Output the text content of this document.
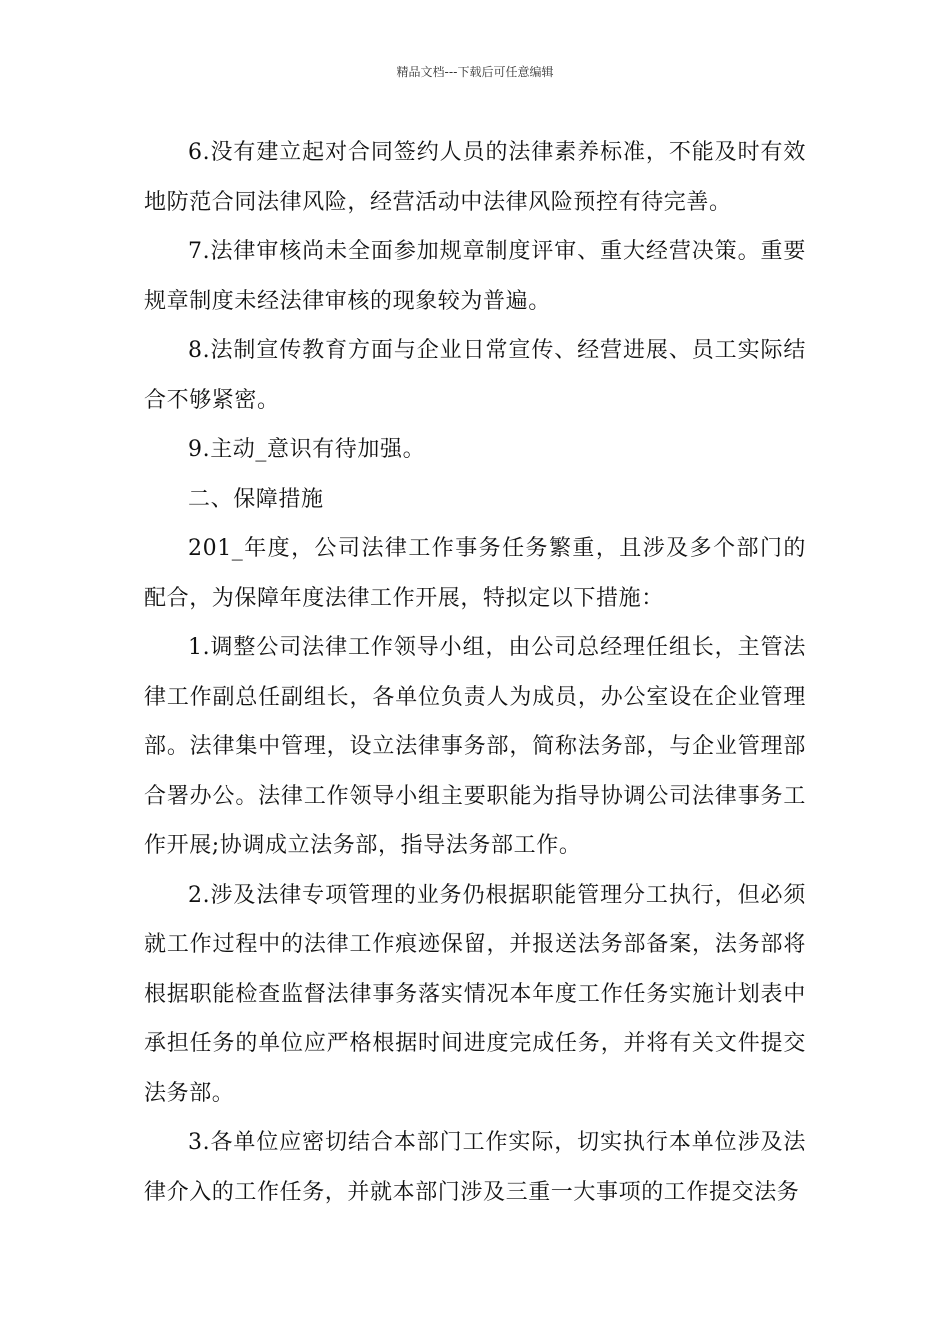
精品文档---下载后可任意编辑

6.没有建立起对合同签约人员的法律素养标准，不能及时有效地防范合同法律风险，经营活动中法律风险预控有待完善。

7.法律审核尚未全面参加规章制度评审、重大经营决策。重要规章制度未经法律审核的现象较为普遍。

8.法制宣传教育方面与企业日常宣传、经营进展、员工实际结合不够紧密。

9.主动_意识有待加强。

二、保障措施

201_年度，公司法律工作事务任务繁重，且涉及多个部门的配合，为保障年度法律工作开展，特拟定以下措施：

1.调整公司法律工作领导小组，由公司总经理任组长，主管法律工作副总任副组长，各单位负责人为成员，办公室设在企业管理部。法律集中管理，设立法律事务部，简称法务部，与企业管理部合署办公。法律工作领导小组主要职能为指导协调公司法律事务工作开展;协调成立法务部，指导法务部工作。

2.涉及法律专项管理的业务仍根据职能管理分工执行，但必须就工作过程中的法律工作痕迹保留，并报送法务部备案，法务部将根据职能检查监督法律事务落实情况本年度工作任务实施计划表中承担任务的单位应严格根据时间进度完成任务，并将有关文件提交法务部。

3.各单位应密切结合本部门工作实际，切实执行本单位涉及法律介入的工作任务，并就本部门涉及三重一大事项的工作提交法务
